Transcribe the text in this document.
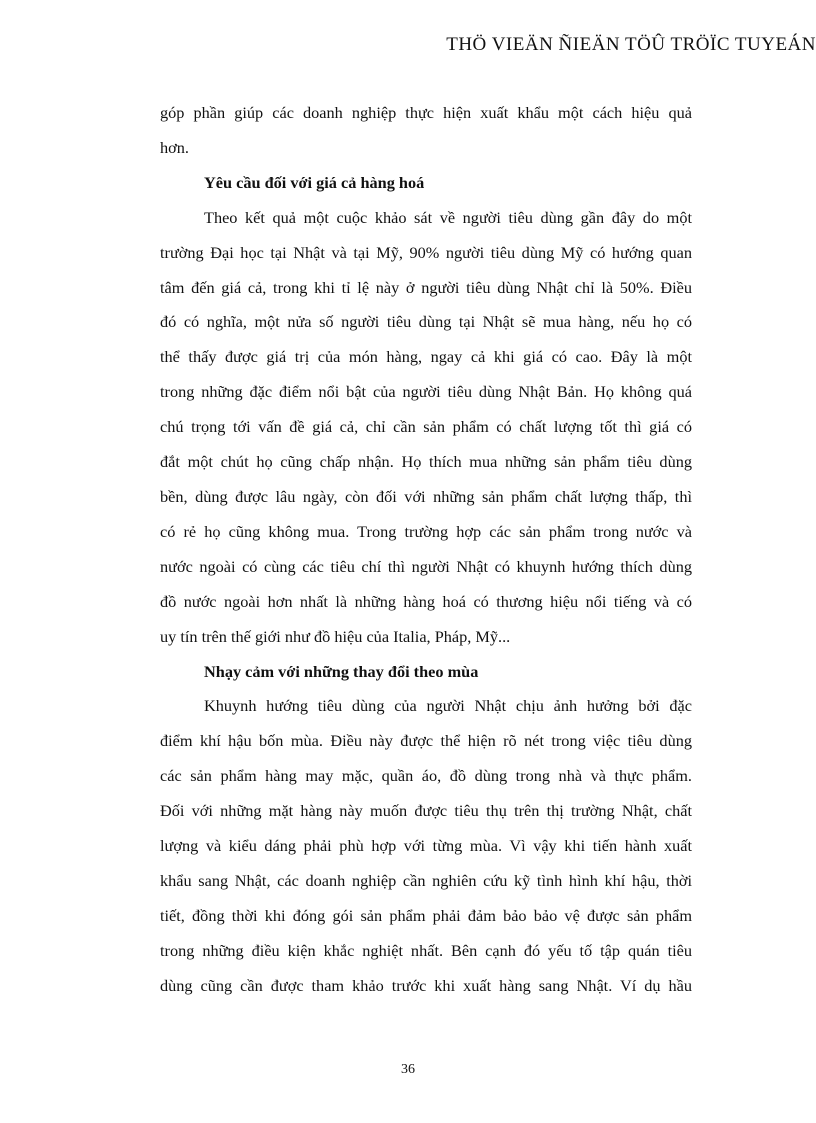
THÖ VIEÄN ÑIEÄN TÖÛ TRÖÏC TUYEÁN

góp phần giúp các doanh nghiệp thực hiện xuất khẩu một cách hiệu quả

hơn.

Yêu cầu đối với giá cả hàng hoá

Theo kết quả một cuộc khảo sát về người tiêu dùng gần đây do một

trường Đại học tại Nhật và tại Mỹ, 90% người tiêu dùng Mỹ có hướng quan

tâm đến giá cả, trong khi tỉ lệ này ở người tiêu dùng Nhật chỉ là 50%. Điều

đó có nghĩa, một nửa số người tiêu dùng tại Nhật sẽ mua hàng, nếu họ có

thể thấy được giá trị của món hàng, ngay cả khi giá có cao. Đây là một

trong những đặc điểm nổi bật của người tiêu dùng Nhật Bản. Họ không quá

chú trọng tới vấn đề giá cả, chỉ cần sản phẩm có chất lượng tốt thì giá có

đắt một chút họ cũng chấp nhận. Họ thích mua những sản phẩm tiêu dùng

bền, dùng được lâu ngày, còn đối với những sản phẩm chất lượng thấp, thì

có rẻ họ cũng không mua. Trong trường hợp các sản phẩm trong nước và

nước ngoài có cùng các tiêu chí thì người Nhật có khuynh hướng thích dùng

đồ nước ngoài hơn nhất là những hàng hoá có thương hiệu nổi tiếng và có

uy tín trên thế giới như đồ hiệu của Italia, Pháp, Mỹ...

Nhạy cảm với những thay đổi theo mùa

Khuynh hướng tiêu dùng của người Nhật chịu ảnh hưởng bởi đặc

điểm khí hậu bốn mùa. Điều này được thể hiện rõ nét trong việc tiêu dùng

các sản phẩm hàng may mặc, quần áo, đồ dùng trong nhà và thực phẩm.

Đối với những mặt hàng này muốn được tiêu thụ trên thị trường Nhật, chất

lượng và kiểu dáng phải phù hợp với từng mùa. Vì vậy khi tiến hành xuất

khẩu sang Nhật, các doanh nghiệp cần nghiên cứu kỹ tình hình khí hậu, thời

tiết, đồng thời khi đóng gói sản phẩm phải đảm bảo bảo vệ được sản phẩm

trong những điều kiện khắc nghiệt nhất. Bên cạnh đó yếu tố tập quán tiêu

dùng cũng cần được tham khảo trước khi xuất hàng sang Nhật. Ví dụ hầu

36
